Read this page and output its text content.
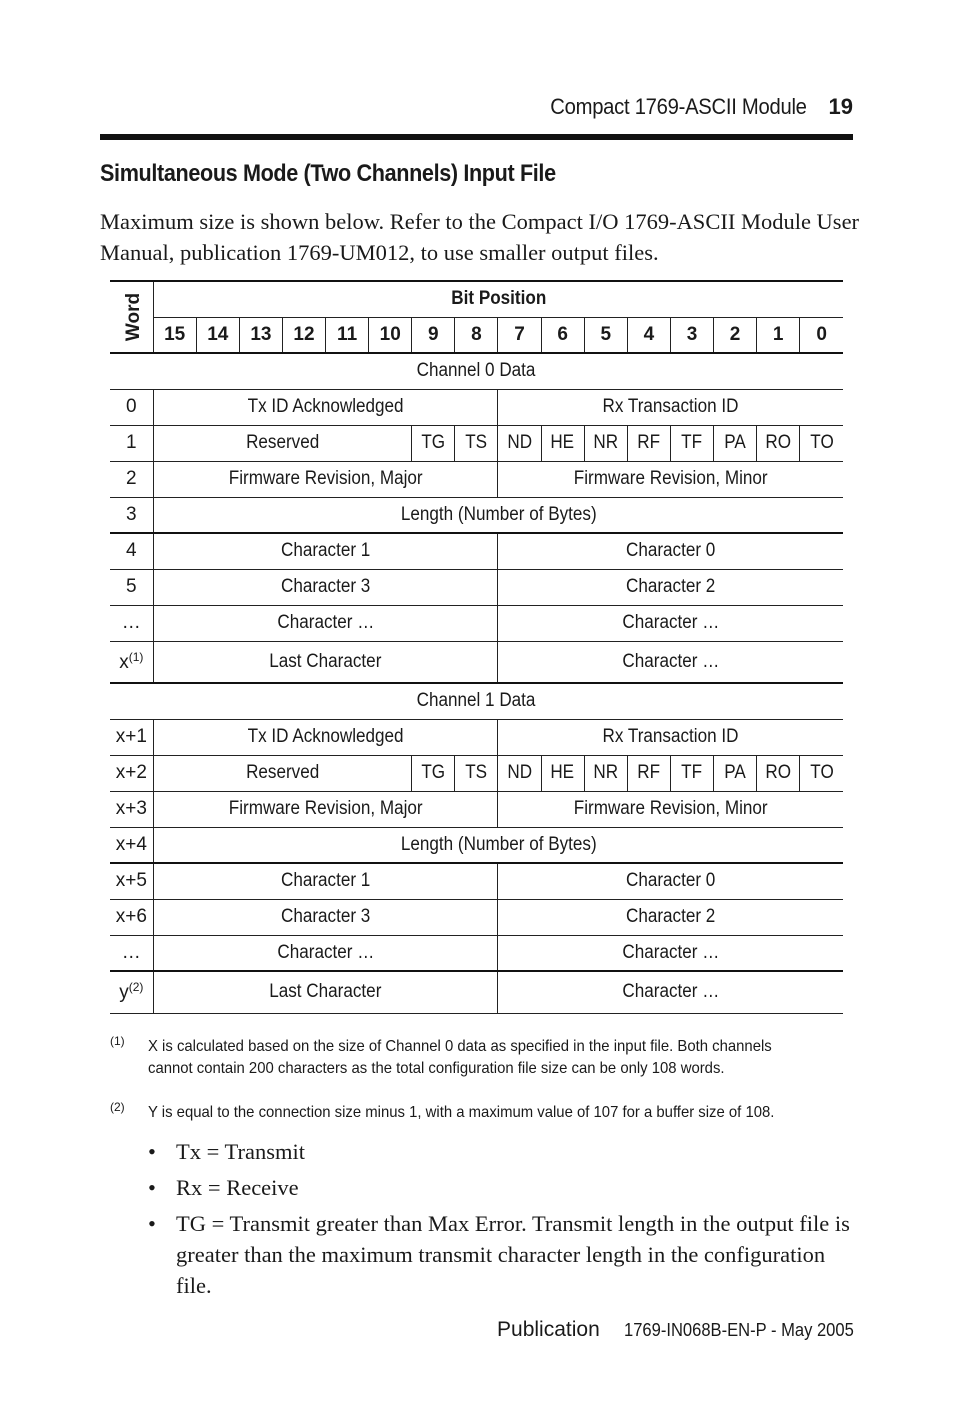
Compact 1769-ASCII Module 19
Simultaneous Mode (Two Channels) Input File

Maximum size is shown below. Refer to the Compact I/O 1769-ASCII Module User Manual, publication 1769-UM012, to use smaller output files.

Word	Bit Position															
	15	14	13	12	11	10	9	8	7	6	5	4	3	2	1	0
Channel 0 Data																
0	Tx ID Acknowledged								Rx Transaction ID							
1	Reserved						TG	TS	ND	HE	NR	RF	TF	PA	RO	TO
2	Firmware Revision, Major								Firmware Revision, Minor							
3	Length (Number of Bytes)															
4	Character 1								Character 0							
5	Character 3								Character 2							
…	Character …								Character …							
$x^{(1)}$	Last Character								Character …							
Channel 1 Data																
x+1	Tx ID Acknowledged								Rx Transaction ID							
x+2	Reserved						TG	TS	ND	HE	NR	RF	TF	PA	RO	TO
x+3	Firmware Revision, Major								Firmware Revision, Minor							
x+4	Length (Number of Bytes)															
x+5	Character 1								Character 0							
x+6	Character 3								Character 2							
…	Character …								Character …							
$y^{(2)}$	Last Character								Character …							
(1) X is calculated based on the size of Channel 0 data as specified in the input file. Both channels cannot contain 200 characters as the total configuration file size can be only 108 words.
(2) Y is equal to the connection size minus 1, with a maximum value of 107 for a buffer size of 108.
• Tx = Transmit
• Rx = Receive
• TG = Transmit greater than Max Error. Transmit length in the output file is greater than the maximum transmit character length in the configuration file.
Publication 1769-IN068B-EN-P - May 2005
